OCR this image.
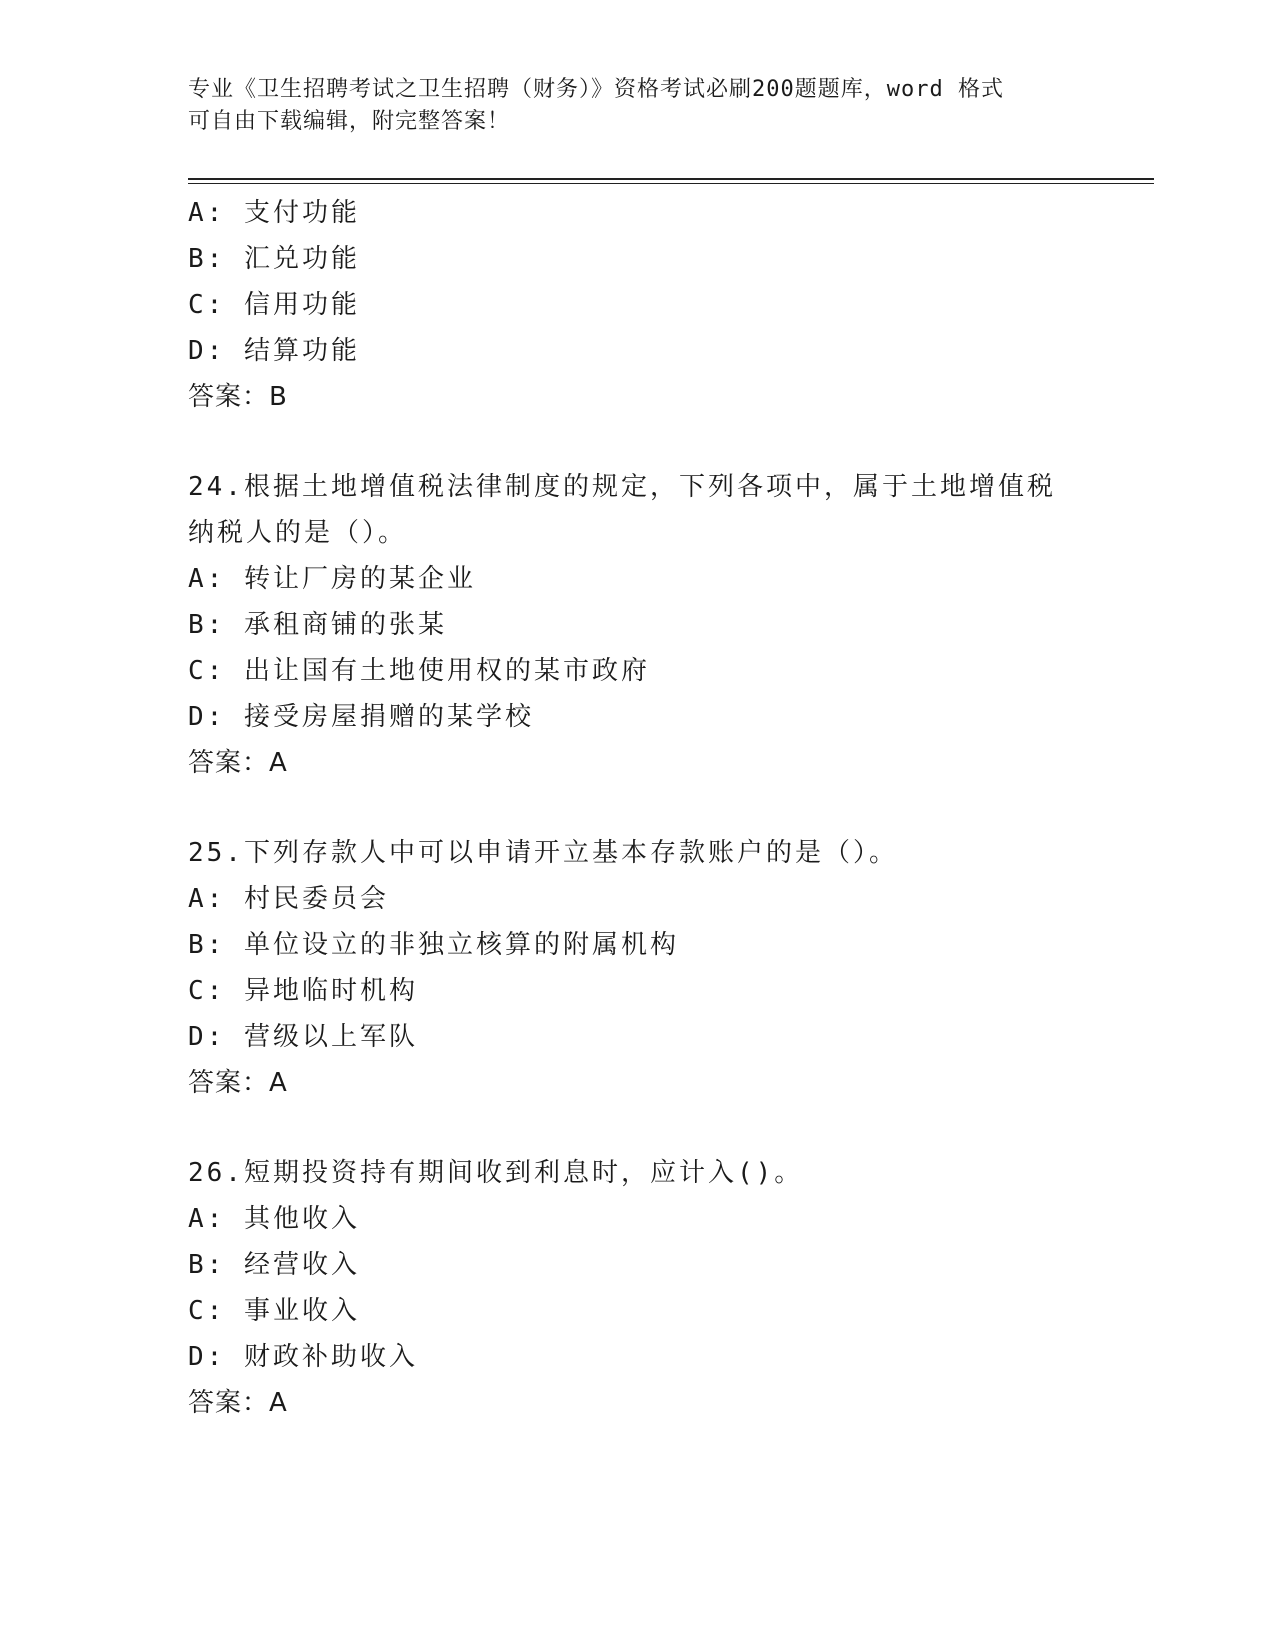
专业《卫生招聘考试之卫生招聘（财务）》资格考试必刷200题题库，word 格式
可自由下载编辑，附完整答案！
A: 支付功能
B: 汇兑功能
C: 信用功能
D: 结算功能
答案：B
24.根据土地增值税法律制度的规定，下列各项中，属于土地增值税纳税人的是（）。
A: 转让厂房的某企业
B: 承租商铺的张某
C: 出让国有土地使用权的某市政府
D: 接受房屋捐赠的某学校
答案：A
25.下列存款人中可以申请开立基本存款账户的是（）。
A: 村民委员会
B: 单位设立的非独立核算的附属机构
C: 异地临时机构
D: 营级以上军队
答案：A
26.短期投资持有期间收到利息时，应计入()。
A: 其他收入
B: 经营收入
C: 事业收入
D: 财政补助收入
答案：A
